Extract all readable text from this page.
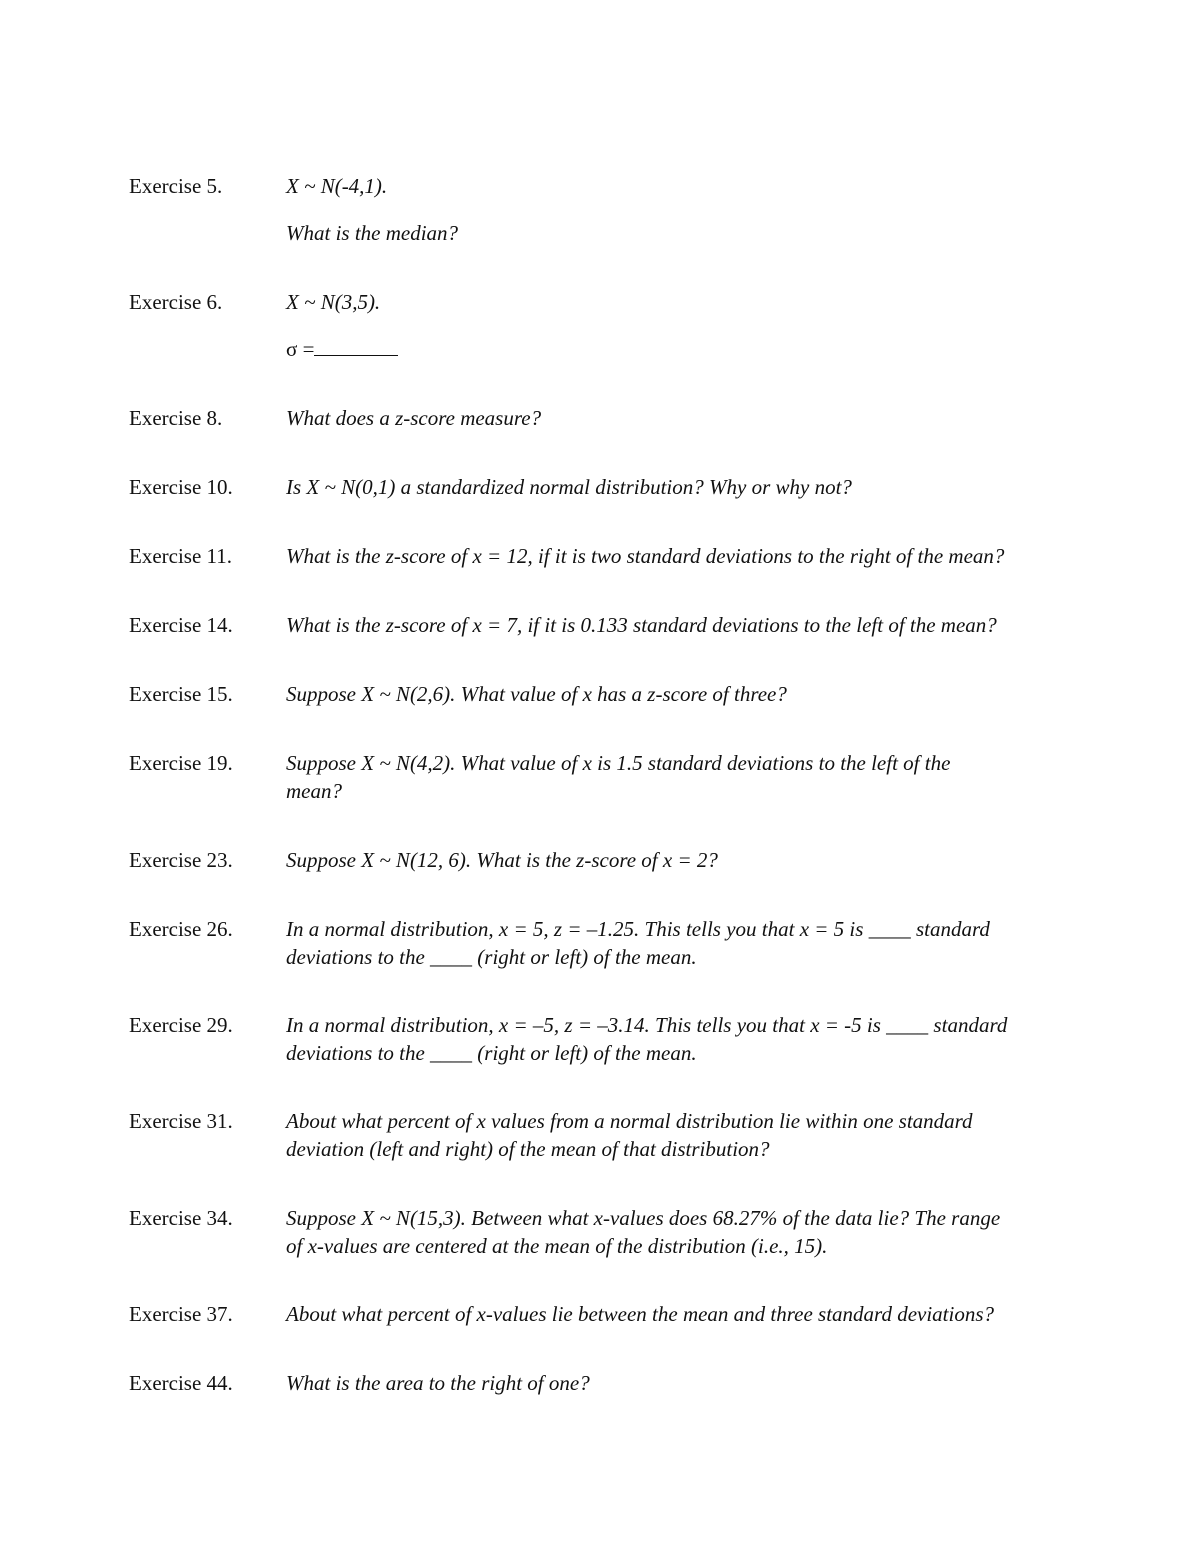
Exercise 5.	X ~ N(-4,1).
What is the median?
Exercise 6.	X ~ N(3,5).
σ =
Exercise 8.	What does a z-score measure?
Exercise 10.	Is X ~ N(0,1) a standardized normal distribution? Why or why not?
Exercise 11.	What is the z-score of x = 12, if it is two standard deviations to the right of the mean?
Exercise 14.	What is the z-score of x = 7, if it is 0.133 standard deviations to the left of the mean?
Exercise 15.	Suppose X ~ N(2,6). What value of x has a z-score of three?
Exercise 19.	Suppose X ~ N(4,2). What value of x is 1.5 standard deviations to the left of the
mean?
Exercise 23.	Suppose X ~ N(12, 6). What is the z-score of x = 2?
Exercise 26.	In a normal distribution, x = 5, z = –1.25. This tells you that x = 5 is ____ standard
deviations to the ____ (right or left) of the mean.
Exercise 29.	In a normal distribution, x = –5, z = –3.14. This tells you that x = -5 is ____ standard
deviations to the ____ (right or left) of the mean.
Exercise 31.	About what percent of x values from a normal distribution lie within one standard
deviation (left and right) of the mean of that distribution?
Exercise 34.	Suppose X ~ N(15,3). Between what x-values does 68.27% of the data lie? The range
of x-values are centered at the mean of the distribution (i.e., 15).
Exercise 37.	About what percent of x-values lie between the mean and three standard deviations?
Exercise 44.	What is the area to the right of one?
